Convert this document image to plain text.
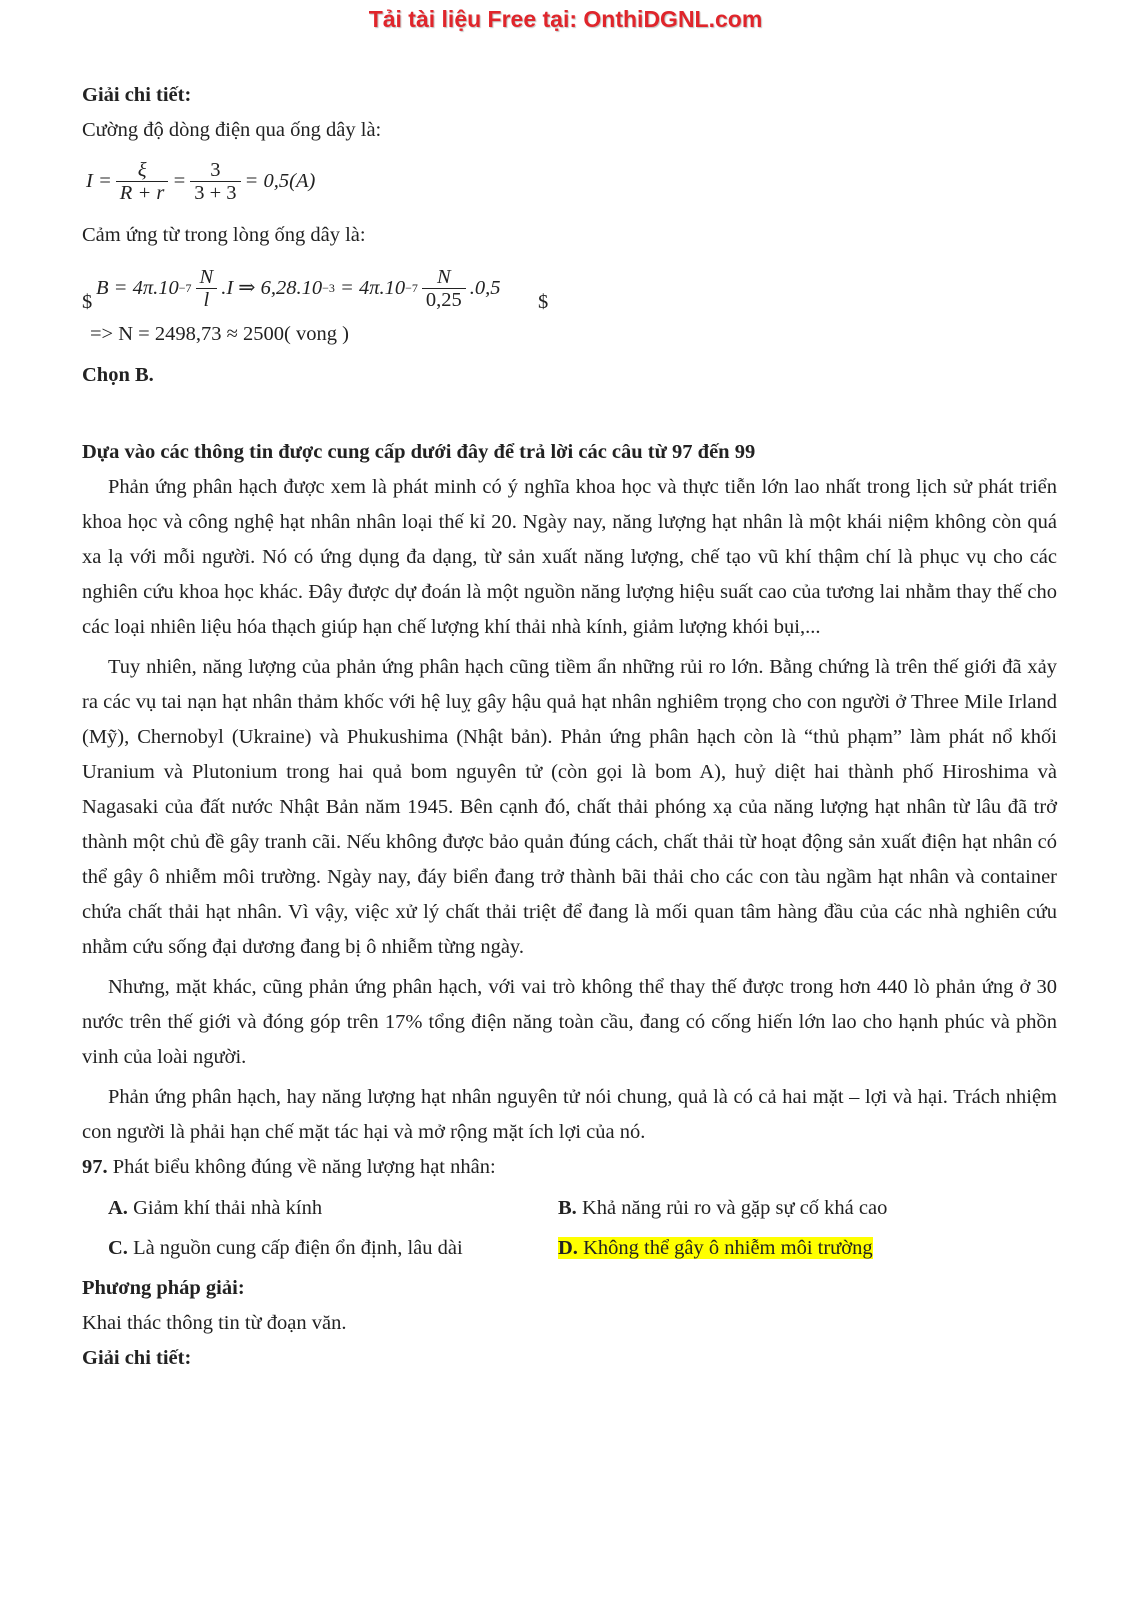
Tải tài liệu Free tại: OnthiDGNL.com

Giải chi tiết:

Cường độ dòng điện qua ống dây là:

$I = \frac{\xi}{R + r} = \frac{3}{3 + 3} = 0,5(A)$

Cảm ứng từ trong lòng ống dây là:

$
$B = 4\pi.10 -7 \frac{N}{l} .I$ ⇒ $6,28.10 -3 = 4\pi.10 -7 \frac{N}{0,25} .0,5$
$

=> N = 2498,73 ≈ 2500( vong )

Chọn B.

Dựa vào các thông tin được cung cấp dưới đây để trả lời các câu từ 97 đến 99

Phản ứng phân hạch được xem là phát minh có ý nghĩa khoa học và thực tiễn lớn lao nhất trong lịch sử phát triển khoa học và công nghệ hạt nhân nhân loại thế kỉ 20. Ngày nay, năng lượng hạt nhân là một khái niệm không còn quá xa lạ với mỗi người. Nó có ứng dụng đa dạng, từ sản xuất năng lượng, chế tạo vũ khí thậm chí là phục vụ cho các nghiên cứu khoa học khác. Đây được dự đoán là một nguồn năng lượng hiệu suất cao của tương lai nhằm thay thế cho các loại nhiên liệu hóa thạch giúp hạn chế lượng khí thải nhà kính, giảm lượng khói bụi,...

Tuy nhiên, năng lượng của phản ứng phân hạch cũng tiềm ẩn những rủi ro lớn. Bằng chứng là trên thế giới đã xảy ra các vụ tai nạn hạt nhân thảm khốc với hệ luỵ gây hậu quả hạt nhân nghiêm trọng cho con người ở Three Mile Irland (Mỹ), Chernobyl (Ukraine) và Phukushima (Nhật bản). Phản ứng phân hạch còn là “thủ phạm” làm phát nổ khối Uranium và Plutonium trong hai quả bom nguyên tử (còn gọi là bom A), huỷ diệt hai thành phố Hiroshima và Nagasaki của đất nước Nhật Bản năm 1945. Bên cạnh đó, chất thải phóng xạ của năng lượng hạt nhân từ lâu đã trở thành một chủ đề gây tranh cãi. Nếu không được bảo quản đúng cách, chất thải từ hoạt động sản xuất điện hạt nhân có thể gây ô nhiễm môi trường. Ngày nay, đáy biển đang trở thành bãi thải cho các con tàu ngầm hạt nhân và container chứa chất thải hạt nhân. Vì vậy, việc xử lý chất thải triệt để đang là mối quan tâm hàng đầu của các nhà nghiên cứu nhằm cứu sống đại dương đang bị ô nhiễm từng ngày.

Nhưng, mặt khác, cũng phản ứng phân hạch, với vai trò không thể thay thế được trong hơn 440 lò phản ứng ở 30 nước trên thế giới và đóng góp trên 17% tổng điện năng toàn cầu, đang có cống hiến lớn lao cho hạnh phúc và phồn vinh của loài người.

Phản ứng phân hạch, hay năng lượng hạt nhân nguyên tử nói chung, quả là có cả hai mặt – lợi và hại. Trách nhiệm con người là phải hạn chế mặt tác hại và mở rộng mặt ích lợi của nó.

97. Phát biểu không đúng về năng lượng hạt nhân:

A. Giảm khí thải nhà kính	B. Khả năng rủi ro và gặp sự cố khá cao
C. Là nguồn cung cấp điện ổn định, lâu dài	D. Không thể gây ô nhiễm môi trường

Phương pháp giải:

Khai thác thông tin từ đoạn văn.

Giải chi tiết:
